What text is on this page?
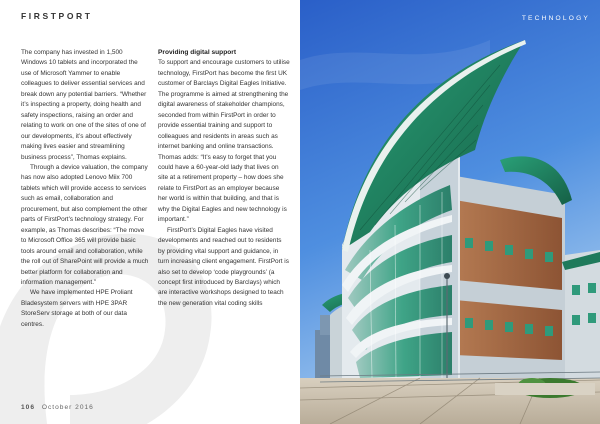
FIRSTPORT

The company has invested in 1,500 Windows 10 tablets and incorporated the use of Microsoft Yammer to enable colleagues to deliver essential services and break down any potential barriers. “Whether it’s inspecting a property, doing health and safety inspections, raising an order and relating to work on one of the sites of one of our developments, it’s about effectively making lives easier and streamlining business process”, Thomas explains.

Through a device valuation, the company has now also adopted Lenovo Miix 700 tablets which will provide access to services such as email, collaboration and procurement, but also complement the other parts of FirstPort’s technology strategy. For example, as Thomas describes: “The move to Microsoft Office 365 will provide basic tools around email and collaboration, while the roll out of SharePoint will provide a much better platform for collaboration and information management.”

We have implemented HPE Proliant Bladesystem servers with HPE 3PAR StoreServ storage at both of our data centres.

Providing digital support

To support and encourage customers to utilise technology, FirstPort has become the first UK customer of Barclays Digital Eagles Initiative. The programme is aimed at strengthening the digital awareness of stakeholder champions, seconded from within FirstPort in order to provide essential training and support to colleagues and residents in areas such as internet banking and online transactions. Thomas adds: “It’s easy to forget that you could have a 60-year-old lady that lives on site at a retirement property – how does she relate to FirstPort as an employer because her world is within that building, and that is why the Digital Eagles and new technology is important.”

FirstPort’s Digital Eagles have visited developments and reached out to residents by providing vital support and guidance, in turn increasing client engagement. FirstPort is also set to develop ‘code playgrounds’ (a concept first introduced by Barclays) which are interactive workshops designed to teach the new generation vital coding skills

106 October 2016
TECHNOLOGY
